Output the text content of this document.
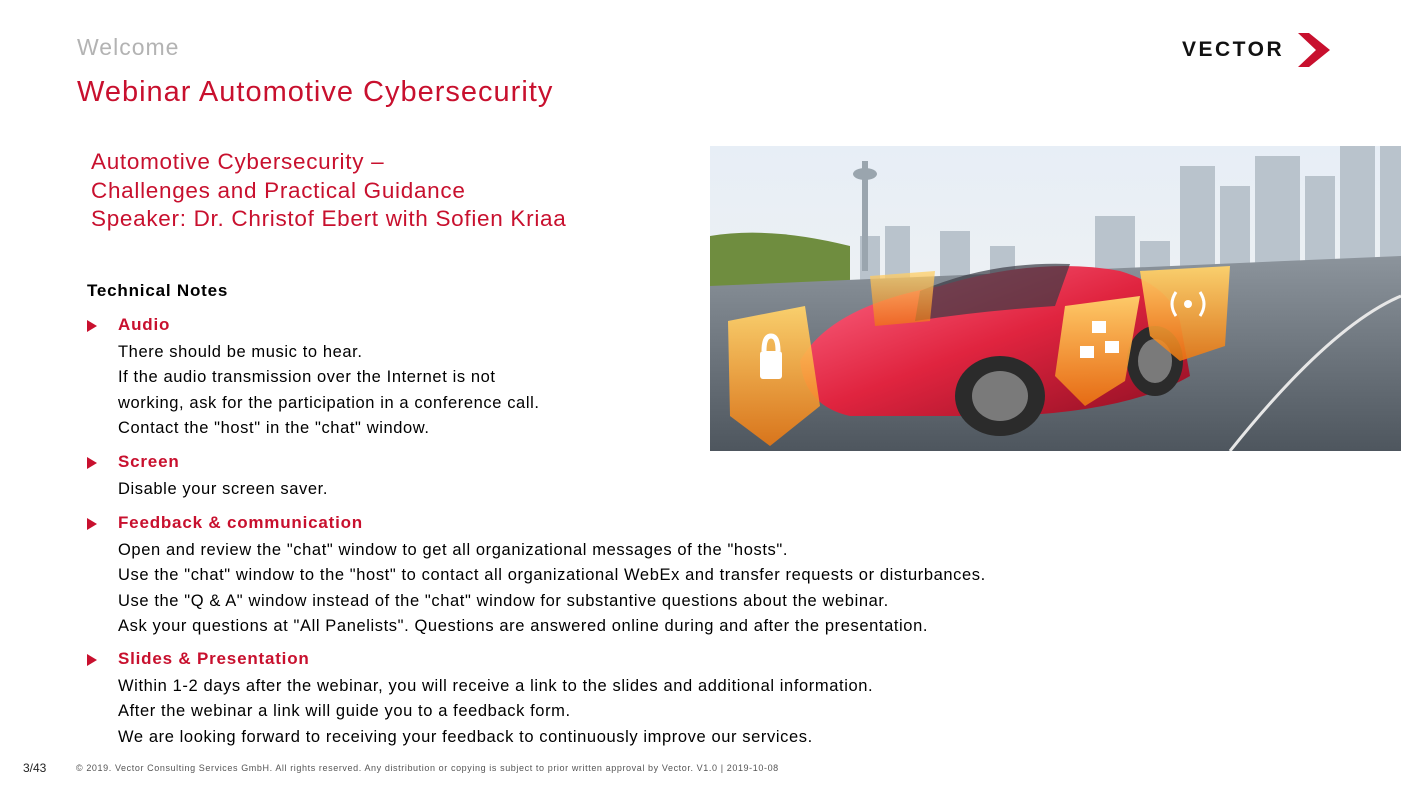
Welcome
Webinar Automotive Cybersecurity
VECTOR
Automotive Cybersecurity –
Challenges and Practical Guidance
Speaker: Dr. Christof Ebert with Sofien Kriaa
Technical Notes
Audio
There should be music to hear.
If the audio transmission over the Internet is not
working, ask for the participation in a conference call.
Contact the "host" in the "chat" window.
Screen
Disable your screen saver.
Feedback & communication
Open and review the "chat" window to get all organizational messages of the "hosts".
Use the "chat" window to the "host" to contact all organizational WebEx and transfer requests or disturbances.
Use the "Q & A" window instead of the "chat" window for substantive questions about the webinar.
Ask your questions at "All Panelists". Questions are answered online during and after the presentation.
Slides & Presentation
Within 1-2 days after the webinar, you will receive a link to the slides and additional information.
After the webinar a link will guide you to a feedback form.
We are looking forward to receiving your feedback to continuously improve our services.
3/43	© 2019. Vector Consulting Services GmbH. All rights reserved. Any distribution or copying is subject to prior written approval by Vector. V1.0 | 2019-10-08
